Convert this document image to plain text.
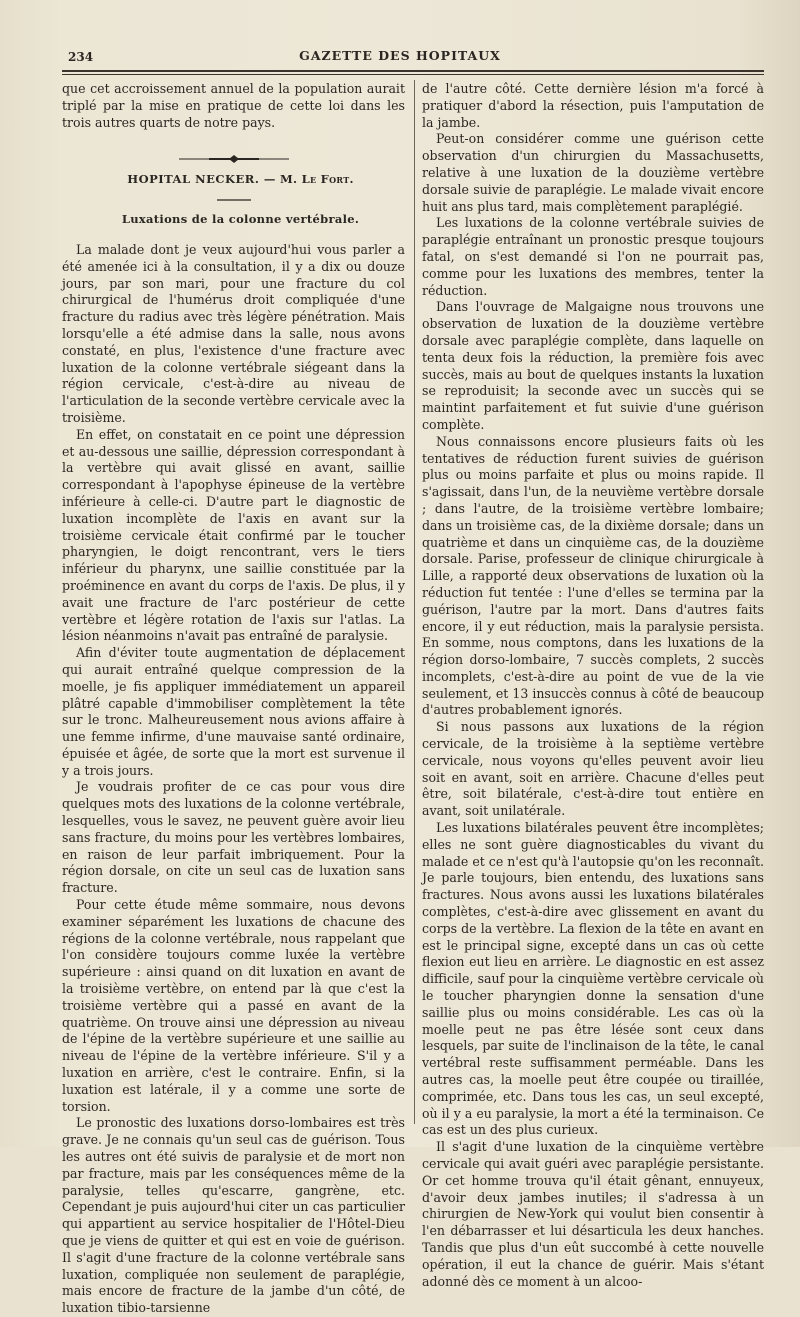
234	GAZETTE DES HOPITAUX

que cet accroissement annuel de la population aurait triplé par la mise en pratique de cette loi dans les trois autres quarts de notre pays.

HOPITAL NECKER. — M. Le Fort.

Luxations de la colonne vertébrale.

La malade dont je veux aujourd'hui vous parler a été amenée ici à la consultation, il y a dix ou douze jours, par son mari, pour une fracture du col chirurgical de l'humérus droit compliquée d'une fracture du radius avec très légère pénétration. Mais lorsqu'elle a été admise dans la salle, nous avons constaté, en plus, l'existence d'une fracture avec luxation de la colonne vertébrale siégeant dans la région cervicale, c'est-à-dire au niveau de l'articulation de la seconde vertèbre cervicale avec la troisième.

En effet, on constatait en ce point une dépression et au-dessous une saillie, dépression correspondant à la vertèbre qui avait glissé en avant, saillie correspondant à l'apophyse épineuse de la vertèbre inférieure à celle-ci. D'autre part le diagnostic de luxation incomplète de l'axis en avant sur la troisième cervicale était confirmé par le toucher pharyngien, le doigt rencontrant, vers le tiers inférieur du pharynx, une saillie constituée par la proéminence en avant du corps de l'axis. De plus, il y avait une fracture de l'arc postérieur de cette vertèbre et légère rotation de l'axis sur l'atlas. La lésion néanmoins n'avait pas entraîné de paralysie.

Afin d'éviter toute augmentation de déplacement qui aurait entraîné quelque compression de la moelle, je fis appliquer immédiatement un appareil plâtré capable d'immobiliser complètement la tête sur le tronc. Malheureusement nous avions affaire à une femme infirme, d'une mauvaise santé ordinaire, épuisée et âgée, de sorte que la mort est survenue il y a trois jours.

Je voudrais profiter de ce cas pour vous dire quelques mots des luxations de la colonne vertébrale, lesquelles, vous le savez, ne peuvent guère avoir lieu sans fracture, du moins pour les vertèbres lombaires, en raison de leur parfait imbriquement. Pour la région dorsale, on cite un seul cas de luxation sans fracture.

Pour cette étude même sommaire, nous devons examiner séparément les luxations de chacune des régions de la colonne vertébrale, nous rappelant que l'on considère toujours comme luxée la vertèbre supérieure : ainsi quand on dit luxation en avant de la troisième vertèbre, on entend par là que c'est la troisième vertèbre qui a passé en avant de la quatrième. On trouve ainsi une dépression au niveau de l'épine de la vertèbre supérieure et une saillie au niveau de l'épine de la vertèbre inférieure. S'il y a luxation en arrière, c'est le contraire. Enfin, si la luxation est latérale, il y a comme une sorte de torsion.

Le pronostic des luxations dorso-lombaires est très grave. Je ne connais qu'un seul cas de guérison. Tous les autres ont été suivis de paralysie et de mort non par fracture, mais par les conséquences même de la paralysie, telles qu'escarre, gangrène, etc. Cependant je puis aujourd'hui citer un cas particulier qui appartient au service hospitalier de l'Hôtel-Dieu que je viens de quitter et qui est en voie de guérison. Il s'agit d'une fracture de la colonne vertébrale sans luxation, compliquée non seulement de paraplégie, mais encore de fracture de la jambe d'un côté, de luxation tibio-tarsienne

de l'autre côté. Cette dernière lésion m'a forcé à pratiquer d'abord la résection, puis l'amputation de la jambe.

Peut-on considérer comme une guérison cette observation d'un chirurgien du Massachusetts, relative à une luxation de la douzième vertèbre dorsale suivie de paraplégie. Le malade vivait encore huit ans plus tard, mais complètement paraplégié.

Les luxations de la colonne vertébrale suivies de paraplégie entraînant un pronostic presque toujours fatal, on s'est demandé si l'on ne pourrait pas, comme pour les luxations des membres, tenter la réduction.

Dans l'ouvrage de Malgaigne nous trouvons une observation de luxation de la douzième vertèbre dorsale avec paraplégie complète, dans laquelle on tenta deux fois la réduction, la première fois avec succès, mais au bout de quelques instants la luxation se reproduisit; la seconde avec un succès qui se maintint parfaitement et fut suivie d'une guérison complète.

Nous connaissons encore plusieurs faits où les tentatives de réduction furent suivies de guérison plus ou moins parfaite et plus ou moins rapide. Il s'agissait, dans l'un, de la neuvième vertèbre dorsale ; dans l'autre, de la troisième vertèbre lombaire; dans un troisième cas, de la dixième dorsale; dans un quatrième et dans un cinquième cas, de la douzième dorsale. Parise, professeur de clinique chirurgicale à Lille, a rapporté deux observations de luxation où la réduction fut tentée : l'une d'elles se termina par la guérison, l'autre par la mort. Dans d'autres faits encore, il y eut réduction, mais la paralysie persista. En somme, nous comptons, dans les luxations de la région dorso-lombaire, 7 succès complets, 2 succès incomplets, c'est-à-dire au point de vue de la vie seulement, et 13 insuccès connus à côté de beaucoup d'autres probablement ignorés.

Si nous passons aux luxations de la région cervicale, de la troisième à la septième vertèbre cervicale, nous voyons qu'elles peuvent avoir lieu soit en avant, soit en arrière. Chacune d'elles peut être, soit bilatérale, c'est-à-dire tout entière en avant, soit unilatérale.

Les luxations bilatérales peuvent être incomplètes; elles ne sont guère diagnosticables du vivant du malade et ce n'est qu'à l'autopsie qu'on les reconnaît. Je parle toujours, bien entendu, des luxations sans fractures. Nous avons aussi les luxations bilatérales complètes, c'est-à-dire avec glissement en avant du corps de la vertèbre. La flexion de la tête en avant en est le principal signe, excepté dans un cas où cette flexion eut lieu en arrière. Le diagnostic en est assez difficile, sauf pour la cinquième vertèbre cervicale où le toucher pharyngien donne la sensation d'une saillie plus ou moins considérable. Les cas où la moelle peut ne pas être lésée sont ceux dans lesquels, par suite de l'inclinaison de la tête, le canal vertébral reste suffisamment perméable. Dans les autres cas, la moelle peut être coupée ou tiraillée, comprimée, etc. Dans tous les cas, un seul excepté, où il y a eu paralysie, la mort a été la terminaison. Ce cas est un des plus curieux.

Il s'agit d'une luxation de la cinquième vertèbre cervicale qui avait guéri avec paraplégie persistante. Or cet homme trouva qu'il était gênant, ennuyeux, d'avoir deux jambes inutiles; il s'adressa à un chirurgien de New-York qui voulut bien consentir à l'en débarrasser et lui désarticula les deux hanches. Tandis que plus d'un eût succombé à cette nouvelle opération, il eut la chance de guérir. Mais s'étant adonné dès ce moment à un alcoo-
